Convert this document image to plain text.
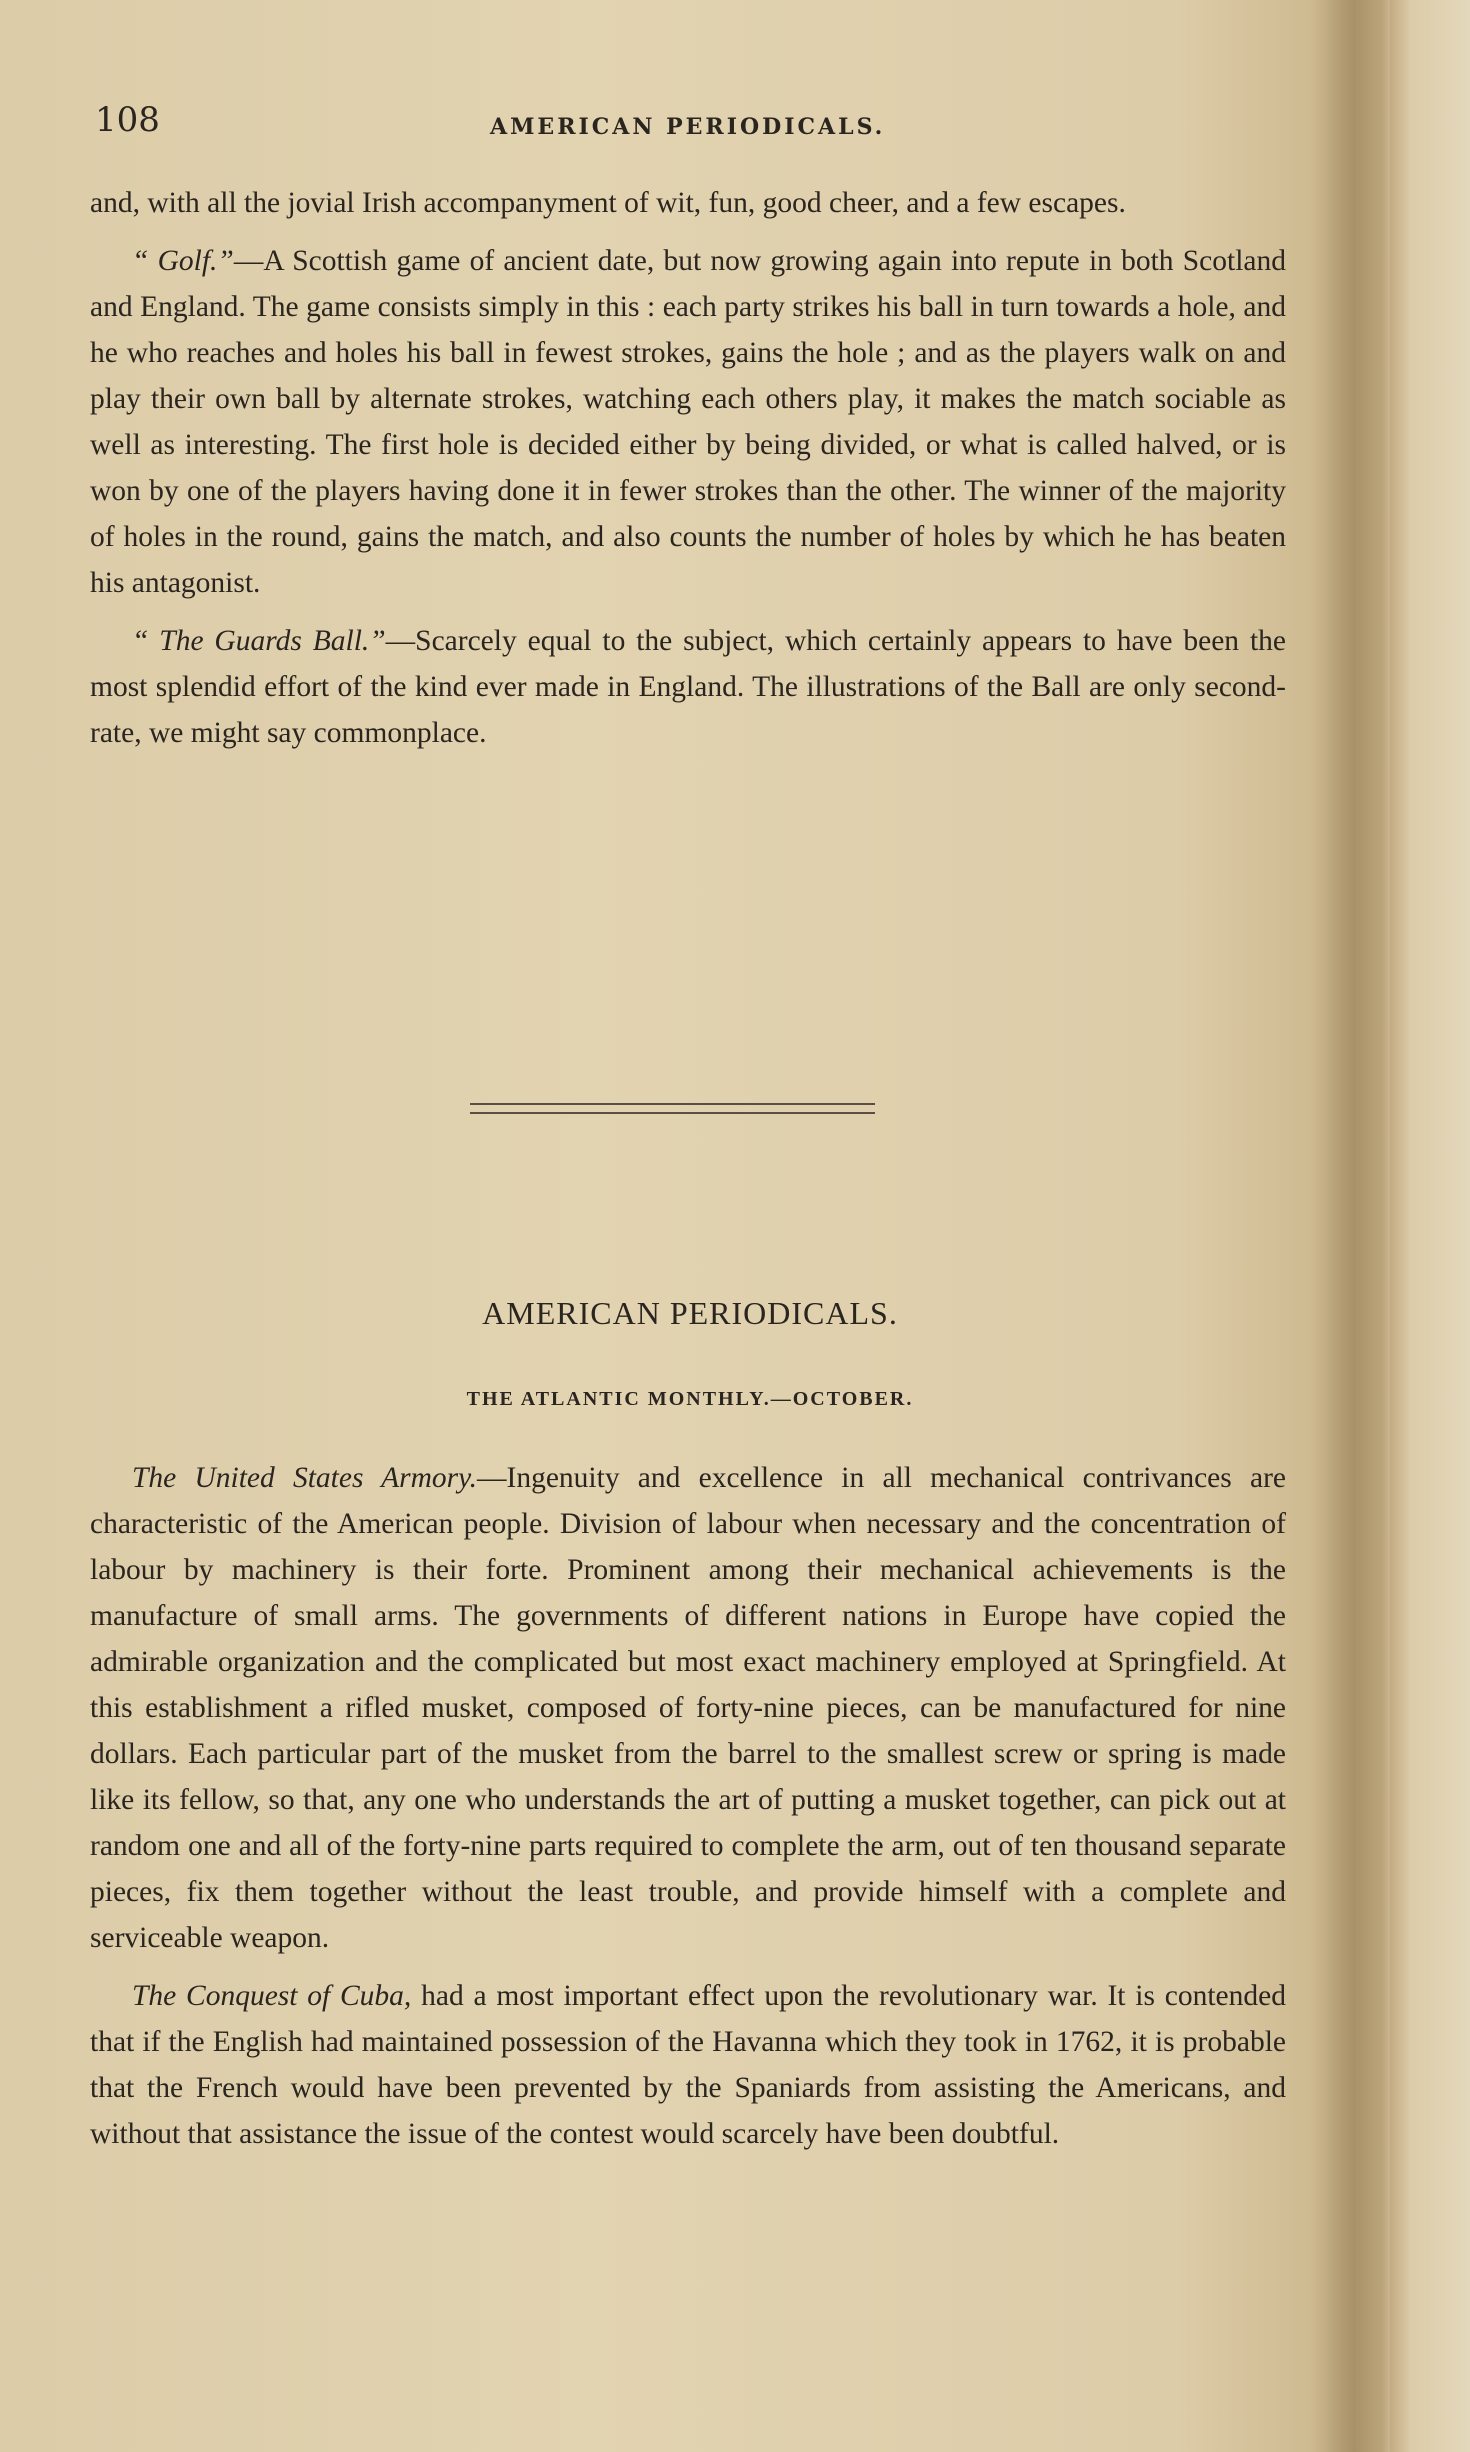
108	AMERICAN PERIODICALS.

and, with all the jovial Irish accompanyment of wit, fun, good cheer, and a few escapes.

“ Golf.”—A Scottish game of ancient date, but now growing again into repute in both Scotland and England. The game consists simply in this : each party strikes his ball in turn towards a hole, and he who reaches and holes his ball in fewest strokes, gains the hole ; and as the players walk on and play their own ball by alternate strokes, watching each others play, it makes the match sociable as well as interesting. The first hole is decided either by being divided, or what is called halved, or is won by one of the players having done it in fewer strokes than the other. The winner of the majority of holes in the round, gains the match, and also counts the number of holes by which he has beaten his antagonist.

“ The Guards Ball.”—Scarcely equal to the subject, which certainly appears to have been the most splendid effort of the kind ever made in England. The illustrations of the Ball are only second-rate, we might say commonplace.

AMERICAN PERIODICALS.
THE ATLANTIC MONTHLY.—OCTOBER.

The United States Armory.—Ingenuity and excellence in all mechanical contrivances are characteristic of the American people. Division of labour when necessary and the concentration of labour by machinery is their forte. Prominent among their mechanical achievements is the manufacture of small arms. The governments of different nations in Europe have copied the admirable organization and the complicated but most exact machinery employed at Springfield. At this establishment a rifled musket, composed of forty-nine pieces, can be manufactured for nine dollars. Each particular part of the musket from the barrel to the smallest screw or spring is made like its fellow, so that, any one who understands the art of putting a musket together, can pick out at random one and all of the forty-nine parts required to complete the arm, out of ten thousand separate pieces, fix them together without the least trouble, and provide himself with a complete and serviceable weapon.

The Conquest of Cuba, had a most important effect upon the revolutionary war. It is contended that if the English had maintained possession of the Havanna which they took in 1762, it is probable that the French would have been prevented by the Spaniards from assisting the Americans, and without that assistance the issue of the contest would scarcely have been doubtful.
